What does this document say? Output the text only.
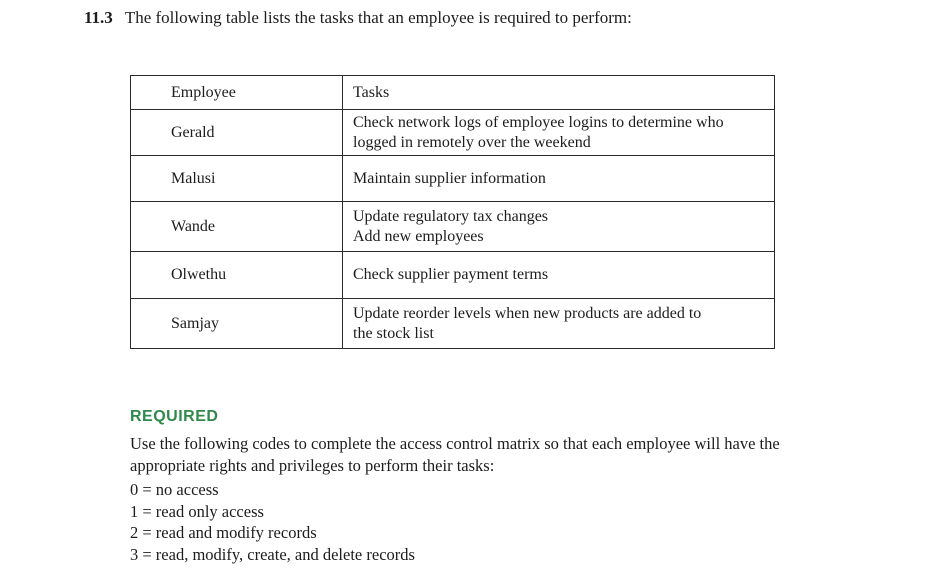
11.3 The following table lists the tasks that an employee is required to perform:
Employee	Tasks
Gerald	Check network logs of employee logins to determine who
logged in remotely over the weekend

Malusi	Maintain supplier information

Wande	Update regulatory tax changes
Add new employees

Olwethu	Check supplier payment terms

Samjay	Update reorder levels when new products are added to
the stock list
REQUIRED
Use the following codes to complete the access control matrix so that each employee will have the appropriate rights and privileges to perform their tasks:
0 = no access
1 = read only access
2 = read and modify records
3 = read, modify, create, and delete records
